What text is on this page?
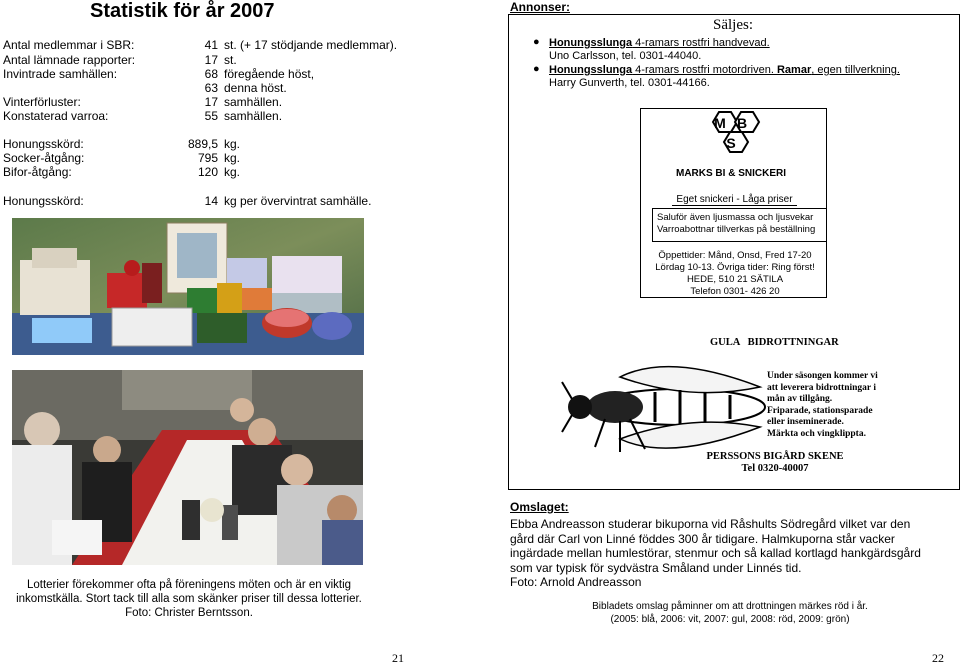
Statistik för år 2007
Antal medlemmar i SBR:	41 st. (+ 17 stödjande medlemmar).
Antal lämnade rapporter:	17 st.
Invintrade samhällen:	68 föregående höst,
63 denna höst.
Vinterförluster:	17 samhällen.
Konstaterad varroa:	55 samhällen.
Honungsskörd:	889,5 kg.
Socker-åtgång:	795 kg.
Bifor-åtgång:	120 kg.
Honungsskörd:	14 kg per övervintrat samhälle.
Lotterier förekommer ofta på föreningens möten och är en viktig
inkomstkälla. Stort tack till alla som skänker priser till dessa lotterier.
Foto: Christer Berntsson.
21
Annonser:
Säljes:
● Honungsslunga 4-ramars rostfri handvevad.
Uno Carlsson, tel. 0301-44040.
● Honungsslunga 4-ramars rostfri motordriven. Ramar, egen tillverkning.
Harry Gunverth, tel. 0301-44166.
M B
S
MARKS BI & SNICKERI
Eget snickeri - Låga priser
Saluför även ljusmassa och ljusvekar
Varroabottnar tillverkas på beställning
Öppettider: Månd, Onsd, Fred 17-20
Lördag 10-13. Övriga tider: Ring först!
HEDE, 510 21 SÄTILA
Telefon 0301- 426 20
GULA   BIDROTTNINGAR
Under säsongen kommer vi
att leverera bidrottningar i
mån av tillgång.
Friparade, stationsparade
eller inseminerade.
Märkta och vingklippta.
PERSSONS BIGÅRD SKENE
Tel 0320-40007
Omslaget:
Ebba Andreasson studerar bikuporna vid Råshults Södregård vilket var den
gård där Carl von Linné föddes 300 år tidigare. Halmkuporna står vacker
ingärdade mellan humlestörar, stenmur och så kallad kortlagd hankgärdsgård
som var typisk för sydvästra Småland under Linnés tid.
Foto: Arnold Andreasson
Bibladets omslag påminner om att drottningen märkes röd i år.
(2005: blå, 2006: vit, 2007: gul, 2008: röd, 2009: grön)
22
